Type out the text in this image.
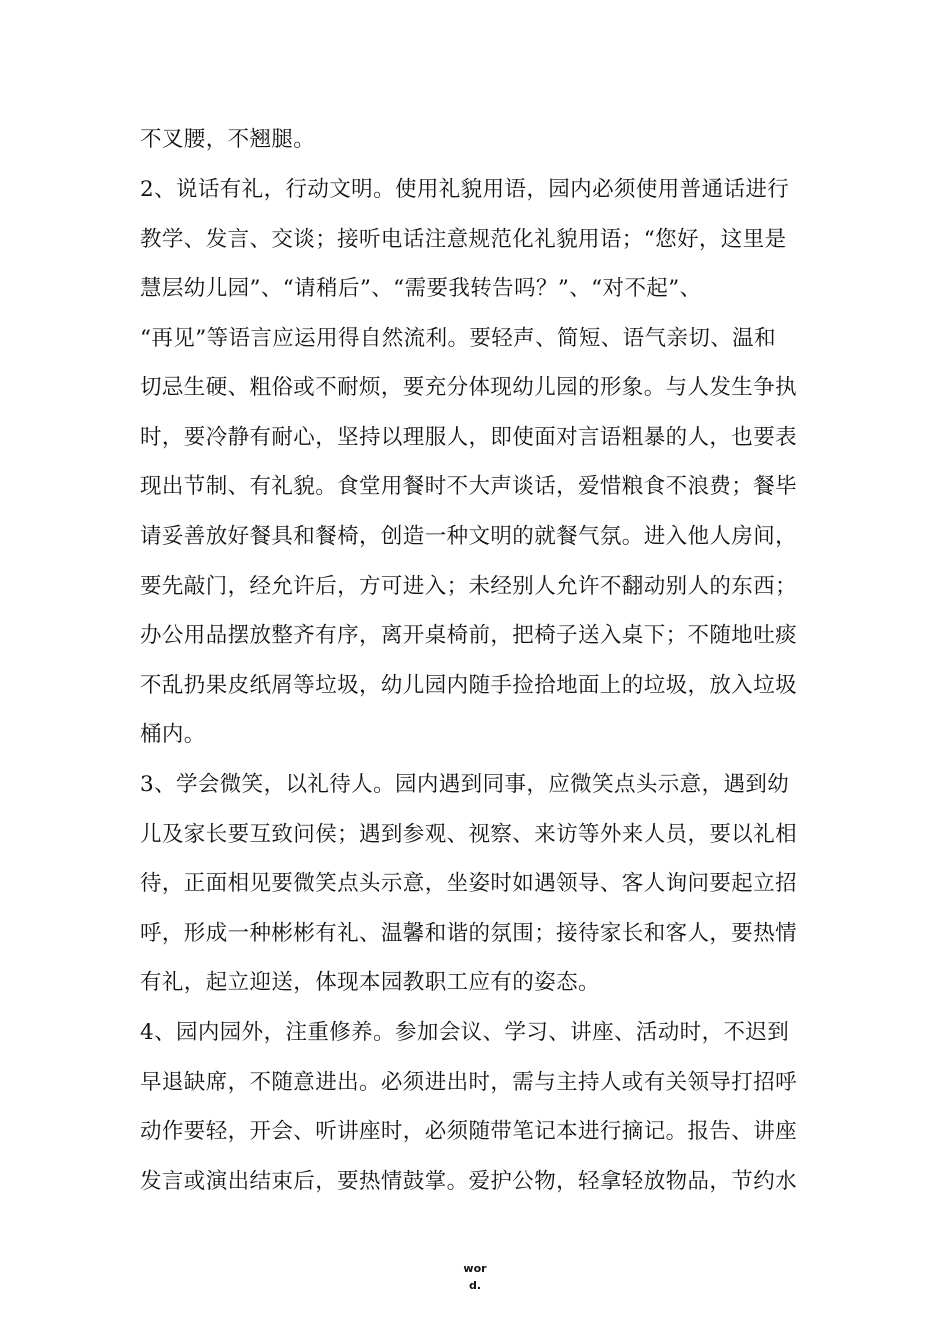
不叉腰，不翘腿。
2、说话有礼，行动文明。使用礼貌用语，园内必须使用普通话进行
教学、发言、交谈；接听电话注意规范化礼貌用语；“您好，这里是
慧层幼儿园”、“请稍后”、“需要我转告吗？”、“对不起”、
“再见”等语言应运用得自然流利。要轻声、简短、语气亲切、温和
切忌生硬、粗俗或不耐烦，要充分体现幼儿园的形象。与人发生争执
时，要冷静有耐心，坚持以理服人，即使面对言语粗暴的人，也要表
现出节制、有礼貌。食堂用餐时不大声谈话，爱惜粮食不浪费；餐毕
请妥善放好餐具和餐椅，创造一种文明的就餐气氛。进入他人房间，
要先敲门，经允许后，方可进入；未经别人允许不翻动别人的东西；
办公用品摆放整齐有序，离开桌椅前，把椅子送入桌下；不随地吐痰
不乱扔果皮纸屑等垃圾，幼儿园内随手捡拾地面上的垃圾，放入垃圾
桶内。
3、学会微笑，以礼待人。园内遇到同事，应微笑点头示意，遇到幼
儿及家长要互致问侯；遇到参观、视察、来访等外来人员，要以礼相
待，正面相见要微笑点头示意，坐姿时如遇领导、客人询问要起立招
呼，形成一种彬彬有礼、温馨和谐的氛围；接待家长和客人，要热情
有礼，起立迎送，体现本园教职工应有的姿态。
4、园内园外，注重修养。参加会议、学习、讲座、活动时，不迟到
早退缺席，不随意进出。必须进出时，需与主持人或有关领导打招呼
动作要轻，开会、听讲座时，必须随带笔记本进行摘记。报告、讲座
发言或演出结束后，要热情鼓掌。爱护公物，轻拿轻放物品，节约水
wor
d.
